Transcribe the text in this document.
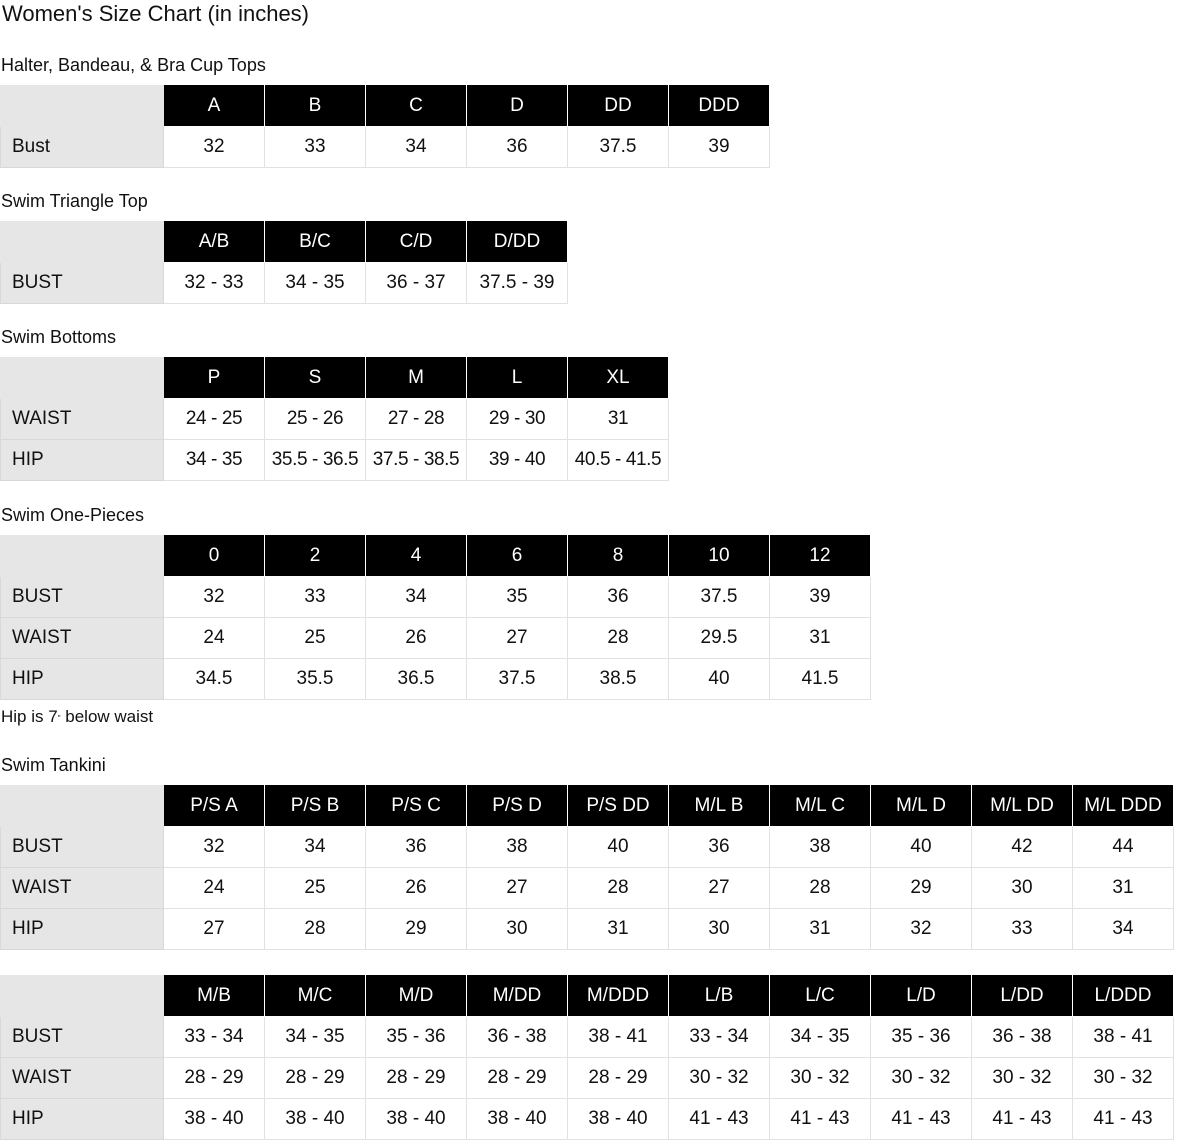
Women's Size Chart (in inches)
Halter, Bandeau, & Bra Cup Tops
	A	B	C	D	DD	DDD
Bust	32	33	34	36	37.5	39
Swim Triangle Top
	A/B	B/C	C/D	D/DD
BUST	32 - 33	34 - 35	36 - 37	37.5 - 39
Swim Bottoms
	P	S	M	L	XL
WAIST	24 - 25	25 - 26	27 - 28	29 - 30	31
HIP	34 - 35	35.5 - 36.5	37.5 - 38.5	39 - 40	40.5 - 41.5
Swim One-Pieces
	0	2	4	6	8	10	12
BUST	32	33	34	35	36	37.5	39
WAIST	24	25	26	27	28	29.5	31
HIP	34.5	35.5	36.5	37.5	38.5	40	41.5
Hip is 7" below waist
Swim Tankini
	P/S A	P/S B	P/S C	P/S D	P/S DD	M/L B	M/L C	M/L D	M/L DD	M/L DDD
BUST	32	34	36	38	40	36	38	40	42	44
WAIST	24	25	26	27	28	27	28	29	30	31
HIP	27	28	29	30	31	30	31	32	33	34
	M/B	M/C	M/D	M/DD	M/DDD	L/B	L/C	L/D	L/DD	L/DDD
BUST	33 - 34	34 - 35	35 - 36	36 - 38	38 - 41	33 - 34	34 - 35	35 - 36	36 - 38	38 - 41
WAIST	28 - 29	28 - 29	28 - 29	28 - 29	28 - 29	30 - 32	30 - 32	30 - 32	30 - 32	30 - 32
HIP	38 - 40	38 - 40	38 - 40	38 - 40	38 - 40	41 - 43	41 - 43	41 - 43	41 - 43	41 - 43
